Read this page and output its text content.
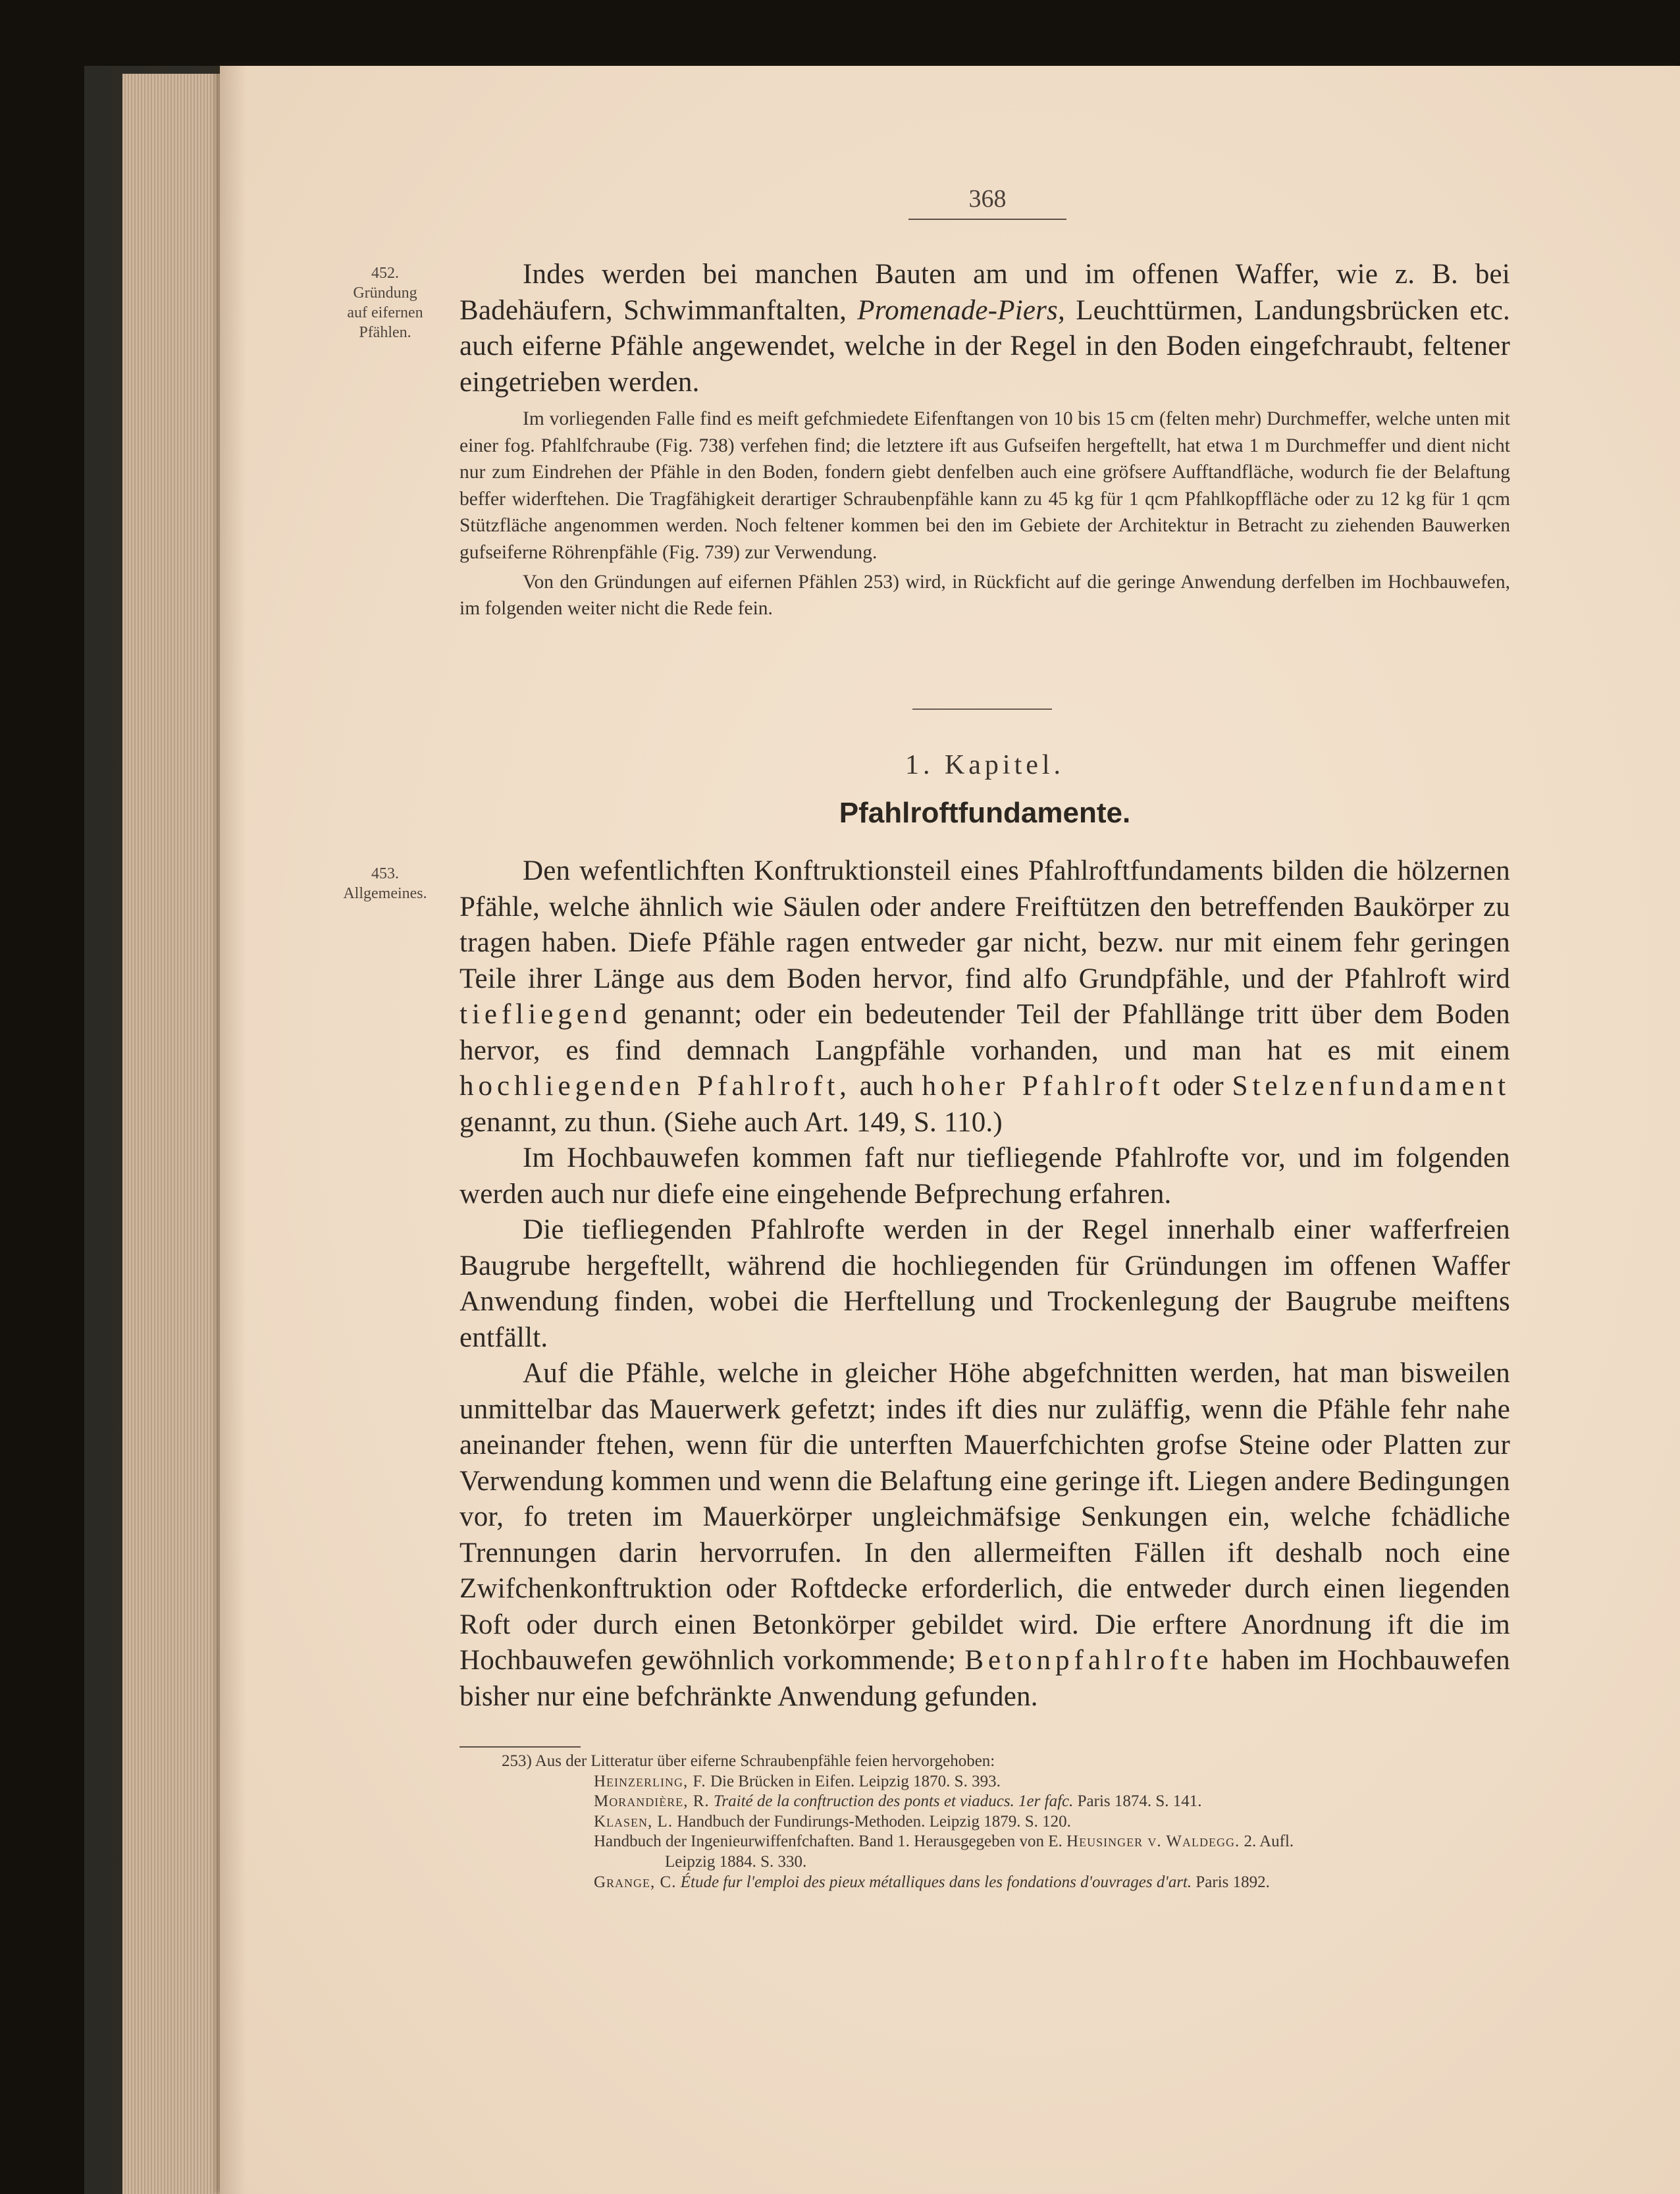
368
452.
Gründung
auf eifernen
Pfählen.

Indes werden bei manchen Bauten am und im offenen Waffer, wie z. B. bei Badehäufern, Schwimmanftalten, Promenade-Piers, Leuchttürmen, Landungsbrücken etc. auch eiferne Pfähle angewendet, welche in der Regel in den Boden eingefchraubt, feltener eingetrieben werden.

Im vorliegenden Falle find es meift gefchmiedete Eifenftangen von 10 bis 15 cm (felten mehr) Durchmeffer, welche unten mit einer fog. Pfahlfchraube (Fig. 738) verfehen find; die letztere ift aus Gufseifen hergeftellt, hat etwa 1 m Durchmeffer und dient nicht nur zum Eindrehen der Pfähle in den Boden, fondern giebt denfelben auch eine gröfsere Aufftandfläche, wodurch fie der Belaftung beffer widerftehen. Die Tragfähigkeit derartiger Schraubenpfähle kann zu 45 kg für 1 qcm Pfahlkopffläche oder zu 12 kg für 1 qcm Stützfläche angenommen werden. Noch feltener kommen bei den im Gebiete der Architektur in Betracht zu ziehenden Bauwerken gufseiferne Röhrenpfähle (Fig. 739) zur Verwendung.

Von den Gründungen auf eifernen Pfählen 253) wird, in Rückficht auf die geringe Anwendung derfelben im Hochbauwefen, im folgenden weiter nicht die Rede fein.

1. Kapitel.
Pfahlroftfundamente.
453.
Allgemeines.

Den wefentlichften Konftruktionsteil eines Pfahlroftfundaments bilden die hölzernen Pfähle, welche ähnlich wie Säulen oder andere Freiftützen den betreffenden Baukörper zu tragen haben. Diefe Pfähle ragen entweder gar nicht, bezw. nur mit einem fehr geringen Teile ihrer Länge aus dem Boden hervor, find alfo Grundpfähle, und der Pfahlroft wird tiefliegend genannt; oder ein bedeutender Teil der Pfahllänge tritt über dem Boden hervor, es find demnach Langpfähle vorhanden, und man hat es mit einem hochliegenden Pfahlroft, auch hoher Pfahlroft oder Stelzenfundament genannt, zu thun. (Siehe auch Art. 149, S. 110.)

Im Hochbauwefen kommen faft nur tiefliegende Pfahlrofte vor, und im folgenden werden auch nur diefe eine eingehende Befprechung erfahren.

Die tiefliegenden Pfahlrofte werden in der Regel innerhalb einer wafferfreien Baugrube hergeftellt, während die hochliegenden für Gründungen im offenen Waffer Anwendung finden, wobei die Herftellung und Trockenlegung der Baugrube meiftens entfällt.

Auf die Pfähle, welche in gleicher Höhe abgefchnitten werden, hat man bisweilen unmittelbar das Mauerwerk gefetzt; indes ift dies nur zuläffig, wenn die Pfähle fehr nahe aneinander ftehen, wenn für die unterften Mauerfchichten grofse Steine oder Platten zur Verwendung kommen und wenn die Belaftung eine geringe ift. Liegen andere Bedingungen vor, fo treten im Mauerkörper ungleichmäfsige Senkungen ein, welche fchädliche Trennungen darin hervorrufen. In den allermeiften Fällen ift deshalb noch eine Zwifchenkonftruktion oder Roftdecke erforderlich, die entweder durch einen liegenden Roft oder durch einen Betonkörper gebildet wird. Die erftere Anordnung ift die im Hochbauwefen gewöhnlich vorkommende; Betonpfahlrofte haben im Hochbauwefen bisher nur eine befchränkte Anwendung gefunden.

253) Aus der Litteratur über eiferne Schraubenpfähle feien hervorgehoben:
Heinzerling, F. Die Brücken in Eifen. Leipzig 1870. S. 393.
Morandière, R. Traité de la conftruction des ponts et viaducs. 1er fafc. Paris 1874. S. 141.
Klasen, L. Handbuch der Fundirungs-Methoden. Leipzig 1879. S. 120.
Handbuch der Ingenieurwiffenfchaften. Band 1. Herausgegeben von E. Heusinger v. Waldegg. 2. Aufl.
Leipzig 1884. S. 330.
Grange, C. Étude fur l'emploi des pieux métalliques dans les fondations d'ouvrages d'art. Paris 1892.
